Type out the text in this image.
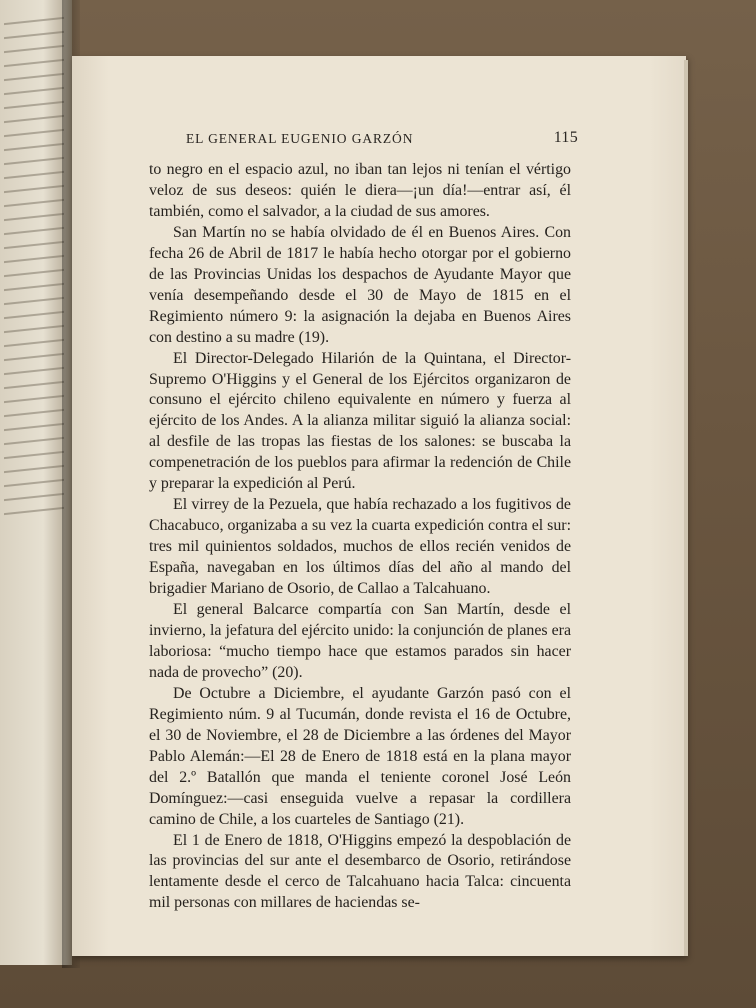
EL GENERAL EUGENIO GARZÓN	115

to negro en el espacio azul, no iban tan lejos ni tenían el vértigo veloz de sus deseos: quién le diera—¡un día!—entrar así, él también, como el salvador, a la ciudad de sus amores.

San Martín no se había olvidado de él en Buenos Aires. Con fecha 26 de Abril de 1817 le había hecho otorgar por el gobierno de las Provincias Unidas los despachos de Ayudante Mayor que venía desempeñando desde el 30 de Mayo de 1815 en el Regimiento número 9: la asignación la dejaba en Buenos Aires con destino a su madre (19).

El Director-Delegado Hilarión de la Quintana, el Director-Supremo O'Higgins y el General de los Ejércitos organizaron de consuno el ejército chileno equivalente en número y fuerza al ejército de los Andes. A la alianza militar siguió la alianza social: al desfile de las tropas las fiestas de los salones: se buscaba la compenetración de los pueblos para afirmar la redención de Chile y preparar la expedición al Perú.

El virrey de la Pezuela, que había rechazado a los fugitivos de Chacabuco, organizaba a su vez la cuarta expedición contra el sur: tres mil quinientos soldados, muchos de ellos recién venidos de España, navegaban en los últimos días del año al mando del brigadier Mariano de Osorio, de Callao a Talcahuano.

El general Balcarce compartía con San Martín, desde el invierno, la jefatura del ejército unido: la conjunción de planes era laboriosa: “mucho tiempo hace que estamos parados sin hacer nada de provecho” (20).

De Octubre a Diciembre, el ayudante Garzón pasó con el Regimiento núm. 9 al Tucumán, donde revista el 16 de Octubre, el 30 de Noviembre, el 28 de Diciembre a las órdenes del Mayor Pablo Alemán:—El 28 de Enero de 1818 está en la plana mayor del 2.º Batallón que manda el teniente coronel José León Domínguez:—casi enseguida vuelve a repasar la cordillera camino de Chile, a los cuarteles de Santiago (21).

El 1 de Enero de 1818, O'Higgins empezó la despoblación de las provincias del sur ante el desembarco de Osorio, retirándose lentamente desde el cerco de Talcahuano hacia Talca: cincuenta mil personas con millares de haciendas se-
